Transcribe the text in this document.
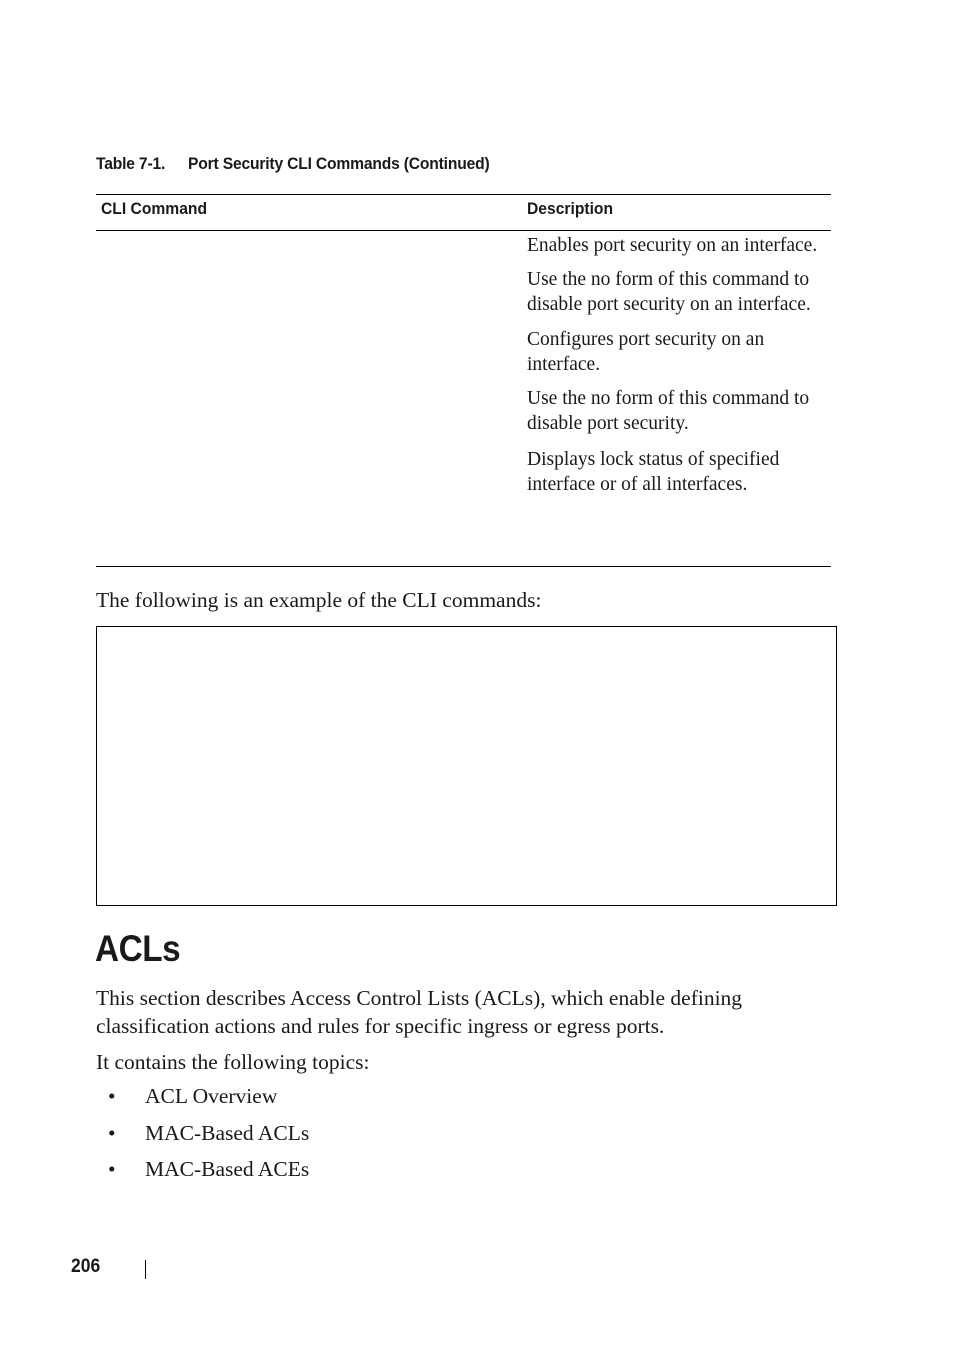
Table 7-1. Port Security CLI Commands (Continued)
CLI Command	Description

Enables port security on an interface.

Use the no form of this command to disable port security on an interface.

Configures port security on an interface.

Use the no form of this command to disable port security.

Displays lock status of specified interface or of all interfaces.

The following is an example of the CLI commands:
ACLs
This section describes Access Control Lists (ACLs), which enable defining classification actions and rules for specific ingress or egress ports.
It contains the following topics:
• ACL Overview
• MAC-Based ACLs
• MAC-Based ACEs
206
